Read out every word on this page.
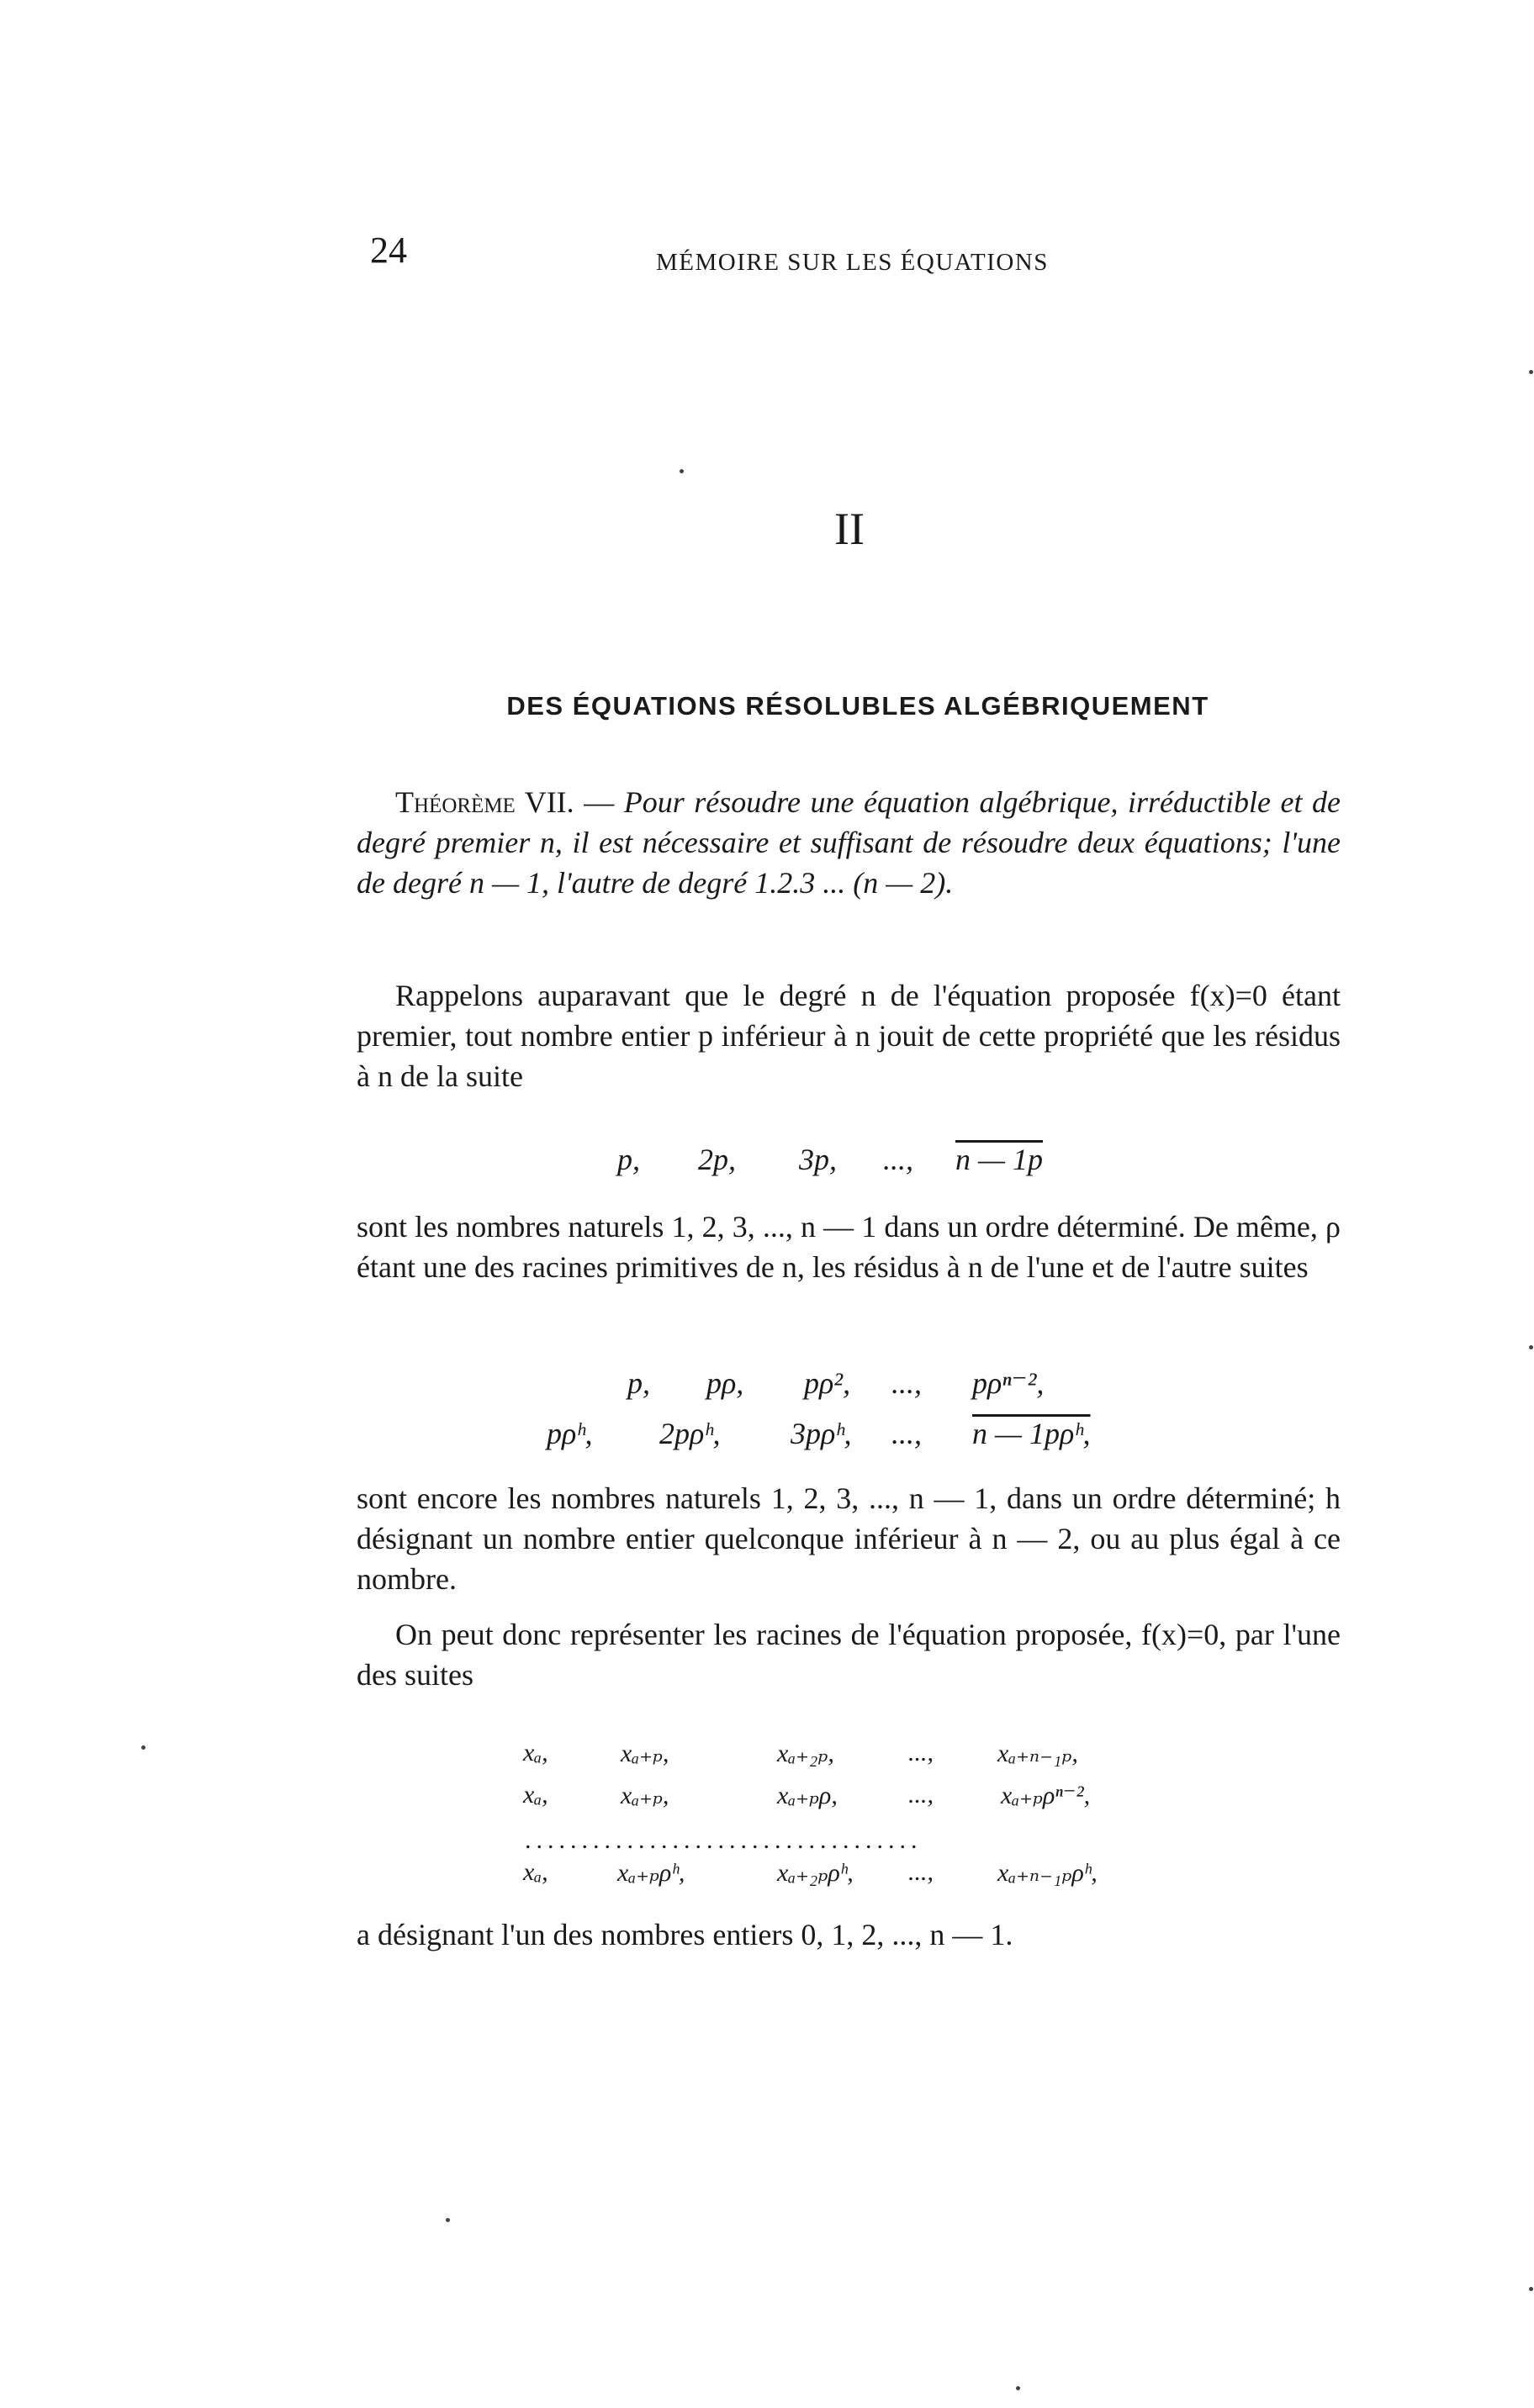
24	MÉMOIRE SUR LES ÉQUATIONS
II
DES ÉQUATIONS RÉSOLUBLES ALGÉBRIQUEMENT
Théorème VII. — Pour résoudre une équation algébrique, irréductible et de degré premier n, il est nécessaire et suffisant de résoudre deux équations; l'une de degré n — 1, l'autre de degré 1.2.3 ... (n — 2).
Rappelons auparavant que le degré n de l'équation proposée f(x)=0 étant premier, tout nombre entier p inférieur à n jouit de cette propriété que les résidus à n de la suite
p, 2p, 3p, ..., n — 1p
sont les nombres naturels 1, 2, 3, ..., n — 1 dans un ordre déterminé. De même, ρ étant une des racines primitives de n, les résidus à n de l'une et de l'autre suites
p, pρ, pρ², ..., pρⁿ⁻²,
pρʰ, 2pρʰ, 3pρʰ, ..., n — 1pρʰ,
sont encore les nombres naturels 1, 2, 3, ..., n — 1, dans un ordre déterminé; h désignant un nombre entier quelconque inférieur à n — 2, ou au plus égal à ce nombre.
On peut donc représenter les racines de l'équation proposée, f(x)=0, par l'une des suites
xₐ,	xₐ₊ₚ,	xₐ₊₂ₚ,	...,	xₐ₊ₙ₋₁ₚ,
xₐ,	xₐ₊ₚ,	xₐ₊ₚρ,	...,	xₐ₊ₚρⁿ⁻²,
...................................
xₐ,	xₐ₊ₚρʰ,	xₐ₊₂ₚρʰ, ...,	xₐ₊ₙ₋₁ₚρʰ,
a désignant l'un des nombres entiers 0, 1, 2, ..., n — 1.
